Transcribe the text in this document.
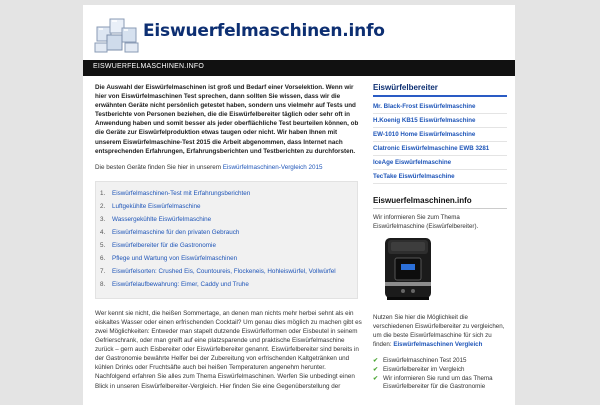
Eiswuerfelmaschinen.info
EISWUERFELMASCHINEN.INFO

Die Auswahl der Eiswürfelmaschinen ist groß und Bedarf einer Vorselektion. Wenn wir hier von Eiswürfelmaschinen Test sprechen, dann sollten Sie wissen, dass wir die erwähnten Geräte nicht persönlich getestet haben, sondern uns vielmehr auf Tests und Testberichte von Personen beziehen, die die Eiswürfelbereiter täglich oder sehr oft in Anwendung haben und somit besser als jeder oberflächliche Test beurteilen können, ob die Geräte zur Eiswürfelproduktion etwas taugen oder nicht. Wir haben Ihnen mit unserem Eiswürfelmaschine-Test 2015 die Arbeit abgenommen, dass Internet nach entsprechenden Erfahrungen, Erfahrungsberichten und Testberichten zu durchforsten.

Die besten Geräte finden Sie hier in unserem Eiswürfelmaschinen-Vergleich 2015

1. Eiswürfelmaschinen-Test mit Erfahrungsberichten
2. Luftgekühlte Eiswürfelmaschine
3. Wassergekühlte Eiswürfelmaschine
4. Eiswürfelmaschine für den privaten Gebrauch
5. Eiswürfelbereiter für die Gastronomie
6. Pflege und Wartung von Eiswürfelmaschinen
7. Eiswürfelsorten: Crushed Eis, Countoureis, Flockeneis, Hohleiswürfel, Vollwürfel
8. Eiswürfelaufbewahrung: Eimer, Caddy und Truhe

Wer kennt sie nicht, die heißen Sommertage, an denen man nichts mehr herbei sehnt als ein eiskaltes Wasser oder einen erfrischenden Cocktail? Um genau dies möglich zu machen gibt es zwei Möglichkeiten: Entweder man stapelt dutzende Eiswürfelformen oder Eisbeutel in seinem Gefrierschrank, oder man greift auf eine platzsparende und praktische Eiswürfelmaschine zurück – gern auch Eisbereiter oder Eiswürfelbereiter genannt. Eiswürfelbereiter sind bereits in der Gastronomie bewährte Helfer bei der Zubereitung von erfrischenden Kaltgetränken und kühlen Drinks oder Fruchtsäfte auch bei heißen Temperaturen angenehm herunter. Nachfolgend erfahren Sie alles zum Thema Eiswürfelmaschinen. Werfen Sie unbedingt einen Blick in unseren Eiswürfelbereiter-Vergleich. Hier finden Sie eine Gegenüberstellung der

Eiswürfelbereiter
Mr. Black-Frost Eiswürfelmaschine
H.Koenig KB15 Eiswürfelmaschine
EW-1010 Home Eiswürfelmaschine
Clatronic Eiswürfelmaschine EWB 3281
IceAge Eiswürfelmaschine
TecTake Eiswürfelmaschine
Eiswuerfelmaschinen.info

Wir informieren Sie zum Thema Eiswürfelmaschine (Eiswürfelbereiter).

Nutzen Sie hier die Möglichkeit die verschiedenen Eiswürfelbereiter zu vergleichen, um die beste Eiswürfelmaschine für sich zu finden: Eiswürfelmaschinen Vergleich

✔ Eiswürfelmaschinen Test 2015
✔ Eiswürfelbereiter im Vergleich
✔ Wir informieren Sie rund um das Thema Eiswürfelbereiter für die Gastronomie
